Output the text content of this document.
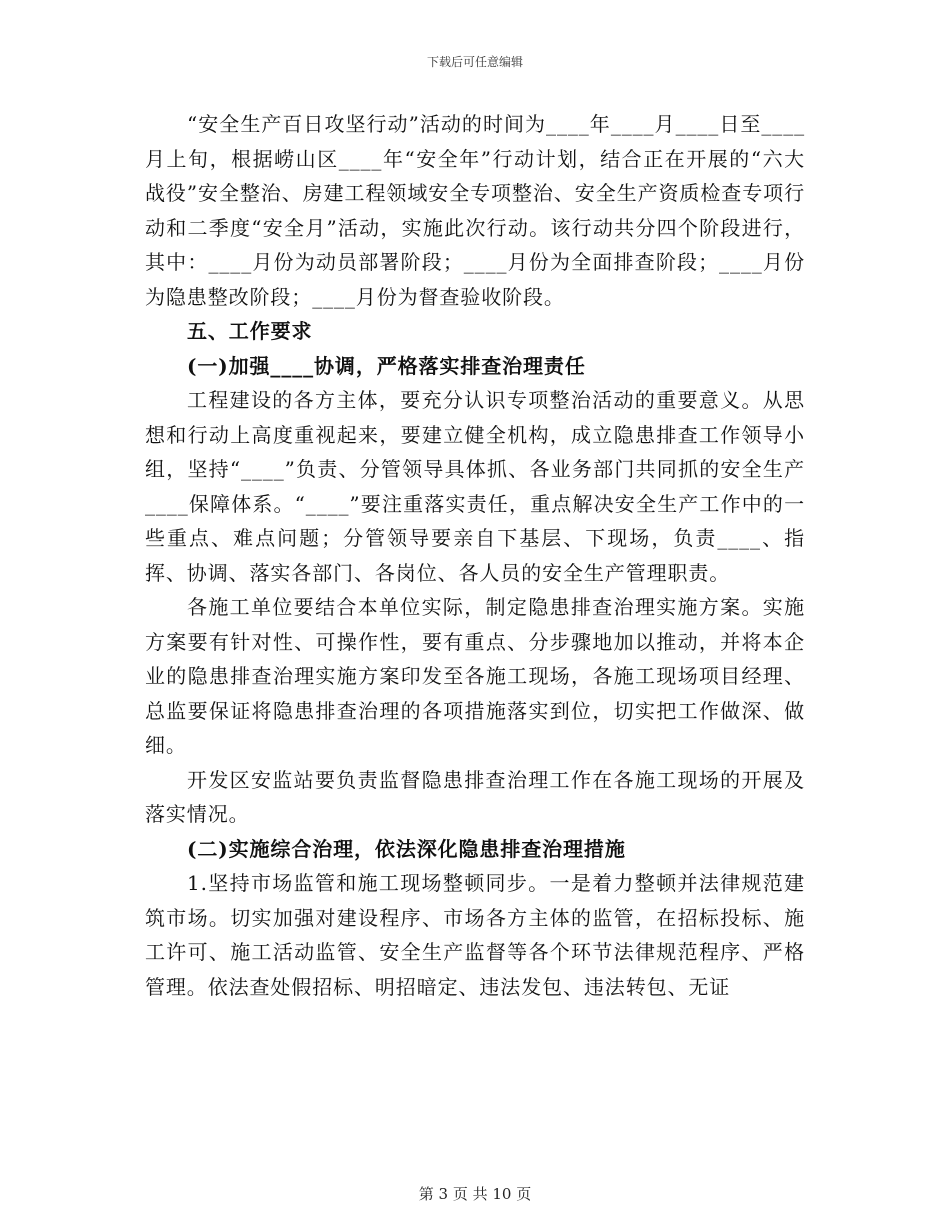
下载后可任意编辑

“安全生产百日攻坚行动”活动的时间为____年____月____日至____月上旬，根据崂山区____年“安全年”行动计划，结合正在开展的“六大战役”安全整治、房建工程领域安全专项整治、安全生产资质检查专项行动和二季度“安全月”活动，实施此次行动。该行动共分四个阶段进行，其中：____月份为动员部署阶段；____月份为全面排查阶段；____月份为隐患整改阶段；____月份为督查验收阶段。

五、工作要求

(一)加强____协调，严格落实排查治理责任

工程建设的各方主体，要充分认识专项整治活动的重要意义。从思想和行动上高度重视起来，要建立健全机构，成立隐患排查工作领导小组，坚持“____”负责、分管领导具体抓、各业务部门共同抓的安全生产____保障体系。“____”要注重落实责任，重点解决安全生产工作中的一些重点、难点问题；分管领导要亲自下基层、下现场，负责____、指挥、协调、落实各部门、各岗位、各人员的安全生产管理职责。

各施工单位要结合本单位实际，制定隐患排查治理实施方案。实施方案要有针对性、可操作性，要有重点、分步骤地加以推动，并将本企业的隐患排查治理实施方案印发至各施工现场，各施工现场项目经理、总监要保证将隐患排查治理的各项措施落实到位，切实把工作做深、做细。

开发区安监站要负责监督隐患排查治理工作在各施工现场的开展及落实情况。

(二)实施综合治理，依法深化隐患排查治理措施

1.坚持市场监管和施工现场整顿同步。一是着力整顿并法律规范建筑市场。切实加强对建设程序、市场各方主体的监管，在招标投标、施工许可、施工活动监管、安全生产监督等各个环节法律规范程序、严格管理。依法查处假招标、明招暗定、违法发包、违法转包、无证

第 3 页 共 10 页
